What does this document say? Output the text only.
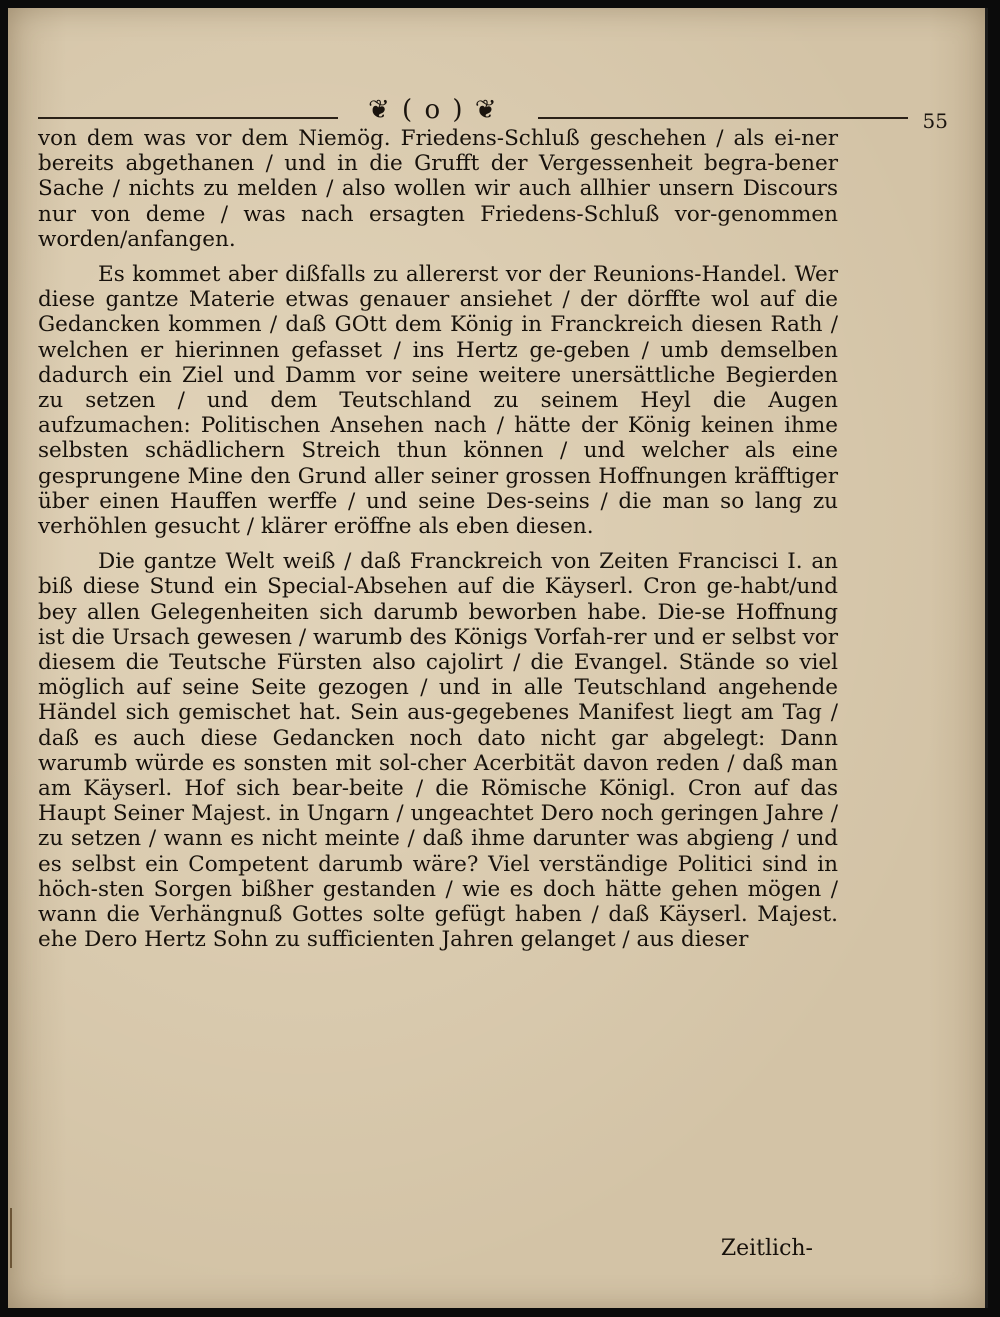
❦ ( o ) ❦	55

von dem was vor dem Niemög. Friedens-Schluß geschehen / als ei-ner bereits abgethanen / und in die Grufft der Vergessenheit begra-bener Sache / nichts zu melden / also wollen wir auch allhier unsern Discours nur von deme / was nach ersagten Friedens-Schluß vor-genommen worden/anfangen.

Es kommet aber dißfalls zu allererst vor der Reunions-Handel. Wer diese gantze Materie etwas genauer ansiehet / der dörffte wol auf die Gedancken kommen / daß GOtt dem König in Franckreich diesen Rath / welchen er hierinnen gefasset / ins Hertz ge-geben / umb demselben dadurch ein Ziel und Damm vor seine weitere unersättliche Begierden zu setzen / und dem Teutschland zu seinem Heyl die Augen aufzumachen: Politischen Ansehen nach / hätte der König keinen ihme selbsten schädlichern Streich thun können / und welcher als eine gesprungene Mine den Grund aller seiner grossen Hoffnungen kräfftiger über einen Hauffen werffe / und seine Des-seins / die man so lang zu verhöhlen gesucht / klärer eröffne als eben diesen.

Die gantze Welt weiß / daß Franckreich von Zeiten Francisci I. an biß diese Stund ein Special-Absehen auf die Käyserl. Cron ge-habt/und bey allen Gelegenheiten sich darumb beworben habe. Die-se Hoffnung ist die Ursach gewesen / warumb des Königs Vorfah-rer und er selbst vor diesem die Teutsche Fürsten also cajolirt / die Evangel. Stände so viel möglich auf seine Seite gezogen / und in alle Teutschland angehende Händel sich gemischet hat. Sein aus-gegebenes Manifest liegt am Tag / daß es auch diese Gedancken noch dato nicht gar abgelegt: Dann warumb würde es sonsten mit sol-cher Acerbität davon reden / daß man am Käyserl. Hof sich bear-beite / die Römische Königl. Cron auf das Haupt Seiner Majest. in Ungarn / ungeachtet Dero noch geringen Jahre / zu setzen / wann es nicht meinte / daß ihme darunter was abgieng / und es selbst ein Competent darumb wäre? Viel verständige Politici sind in höch-sten Sorgen bißher gestanden / wie es doch hätte gehen mögen / wann die Verhängnuß Gottes solte gefügt haben / daß Käyserl. Majest. ehe Dero Hertz Sohn zu sufficienten Jahren gelanget / aus dieser

Zeitlich-
